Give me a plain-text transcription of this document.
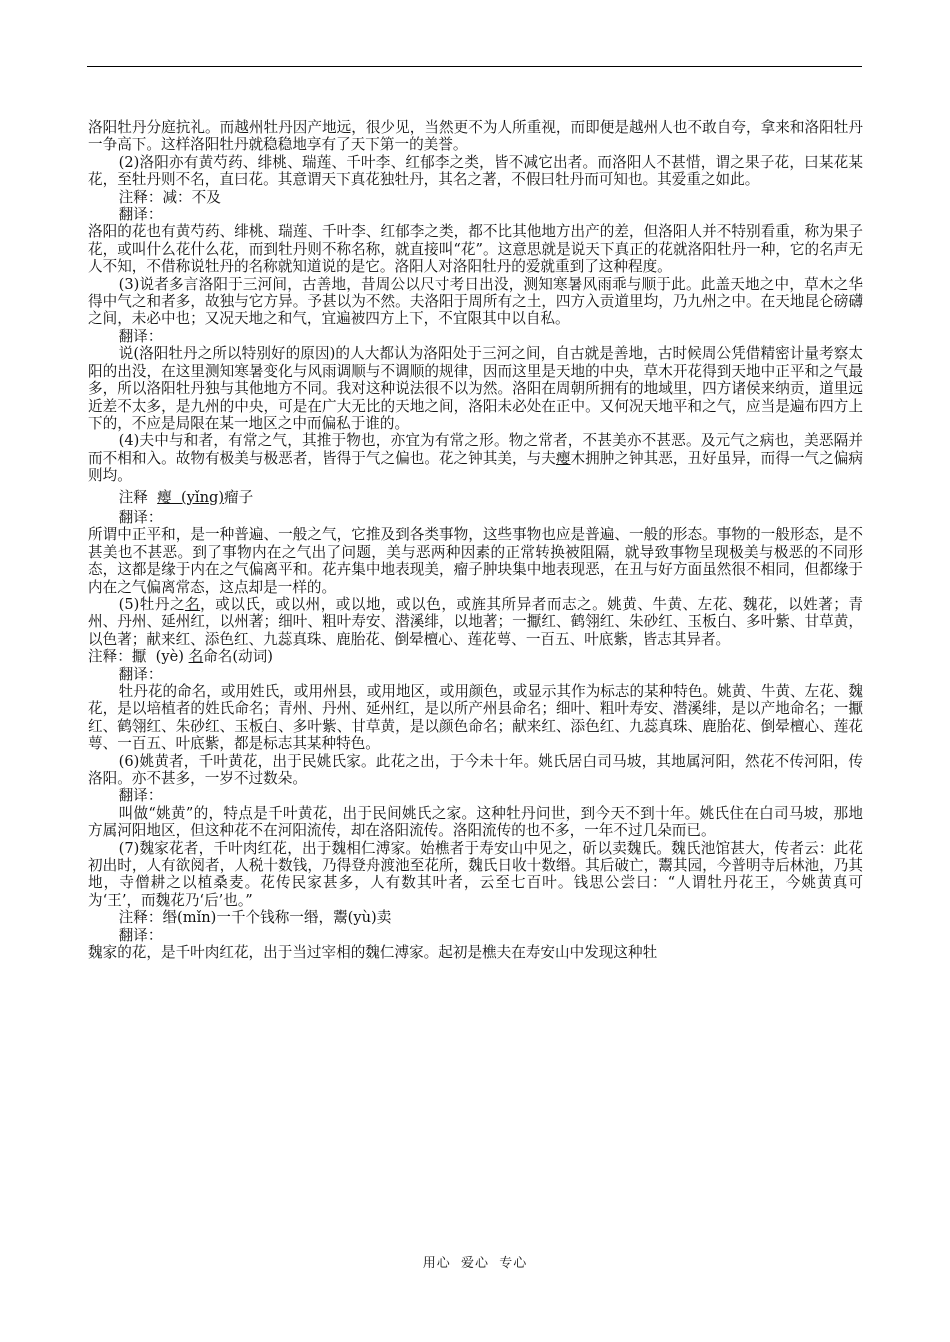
洛阳牡丹分庭抗礼。而越州牡丹因产地远，很少见，当然更不为人所重视，而即便是越州人也不敢自夸，拿来和洛阳牡丹一争高下。这样洛阳牡丹就稳稳地享有了天下第一的美誉。

(2)洛阳亦有黄芍药、绯桃、瑞莲、千叶李、红郁李之类，皆不减它出者。而洛阳人不甚惜，谓之果子花，曰某花某花，至牡丹则不名，直曰花。其意谓天下真花独牡丹，其名之著，不假曰牡丹而可知也。其爱重之如此。

注释：减：不及

翻译：

洛阳的花也有黄芍药、绯桃、瑞莲、千叶李、红郁李之类，都不比其他地方出产的差，但洛阳人并不特别看重，称为果子花，或叫什么花什么花，而到牡丹则不称名称，就直接叫“花”。这意思就是说天下真正的花就洛阳牡丹一种，它的名声无人不知，不借称说牡丹的名称就知道说的是它。洛阳人对洛阳牡丹的爱就重到了这种程度。

(3)说者多言洛阳于三河间，古善地，昔周公以尺寸考日出没，测知寒暑风雨乖与顺于此。此盖天地之中，草木之华得中气之和者多，故独与它方异。予甚以为不然。夫洛阳于周所有之土，四方入贡道里均，乃九州之中。在天地昆仑磅礴之间，未必中也；又况天地之和气，宜遍被四方上下，不宜限其中以自私。

翻译：

说(洛阳牡丹之所以特别好的原因)的人大都认为洛阳处于三河之间，自古就是善地，古时候周公凭借精密计量考察太阳的出没，在这里测知寒暑变化与风雨调顺与不调顺的规律，因而这里是天地的中央，草木开花得到天地中正平和之气最多，所以洛阳牡丹独与其他地方不同。我对这种说法很不以为然。洛阳在周朝所拥有的地域里，四方诸侯来纳贡，道里远近差不太多，是九州的中央，可是在广大无比的天地之间，洛阳未必处在正中。又何况天地平和之气，应当是遍布四方上下的，不应是局限在某一地区之中而偏私于谁的。

(4)夫中与和者，有常之气，其推于物也，亦宜为有常之形。物之常者，不甚美亦不甚恶。及元气之病也，美恶隔并而不相和入。故物有极美与极恶者，皆得于气之偏也。花之钟其美，与夫瘿木拥肿之钟其恶，丑好虽异，而得一气之偏病则均。

注释  瘿  (yǐng)瘤子

翻译：

所谓中正平和，是一种普遍、一般之气，它推及到各类事物，这些事物也应是普遍、一般的形态。事物的一般形态，是不甚美也不甚恶。到了事物内在之气出了问题，美与恶两种因素的正常转换被阻隔，就导致事物呈现极美与极恶的不同形态，这都是缘于内在之气偏离平和。花卉集中地表现美，瘤子肿块集中地表现恶，在丑与好方面虽然很不相同，但都缘于内在之气偏离常态，这点却是一样的。

(5)牡丹之名，或以氏，或以州，或以地，或以色，或旌其所异者而志之。姚黄、牛黄、左花、魏花，以姓著；青州、丹州、延州红，以州著；细叶、粗叶寿安、潜溪绯，以地著；一擫红、鹤翎红、朱砂红、玉板白、多叶紫、甘草黄，以色著；献来红、添色红、九蕊真珠、鹿胎花、倒晕檀心、莲花萼、一百五、叶底紫，皆志其异者。

注释：擫  (yè) 名命名(动词)

翻译：

牡丹花的命名，或用姓氏，或用州县，或用地区，或用颜色，或显示其作为标志的某种特色。姚黄、牛黄、左花、魏花，是以培植者的姓氏命名；青州、丹州、延州红，是以所产州县命名；细叶、粗叶寿安、潜溪绯，是以产地命名；一擫红、鹤翎红、朱砂红、玉板白、多叶紫、甘草黄，是以颜色命名；献来红、添色红、九蕊真珠、鹿胎花、倒晕檀心、莲花萼、一百五、叶底紫，都是标志其某种特色。

(6)姚黄者，千叶黄花，出于民姚氏家。此花之出，于今未十年。姚氏居白司马坡，其地属河阳，然花不传河阳，传洛阳。亦不甚多，一岁不过数朵。

翻译：

叫做“姚黄”的，特点是千叶黄花，出于民间姚氏之家。这种牡丹问世，到今天不到十年。姚氏住在白司马坡，那地方属河阳地区，但这种花不在河阳流传，却在洛阳流传。洛阳流传的也不多，一年不过几朵而已。

(7)魏家花者，千叶肉红花，出于魏相仁溥家。始樵者于寿安山中见之，斫以卖魏氏。魏氏池馆甚大，传者云：此花初出时，人有欲阅者，人税十数钱，乃得登舟渡池至花所，魏氏日收十数缗。其后破亡，鬻其园，今普明寺后林池，乃其地，寺僧耕之以植桑麦。花传民家甚多，人有数其叶者，云至七百叶。钱思公尝曰：“人谓牡丹花王，今姚黄真可为‘王’，而魏花乃‘后’也。”

注释：缗(mǐn)一千个钱称一缗，鬻(yù)卖

翻译：

魏家的花，是千叶肉红花，出于当过宰相的魏仁溥家。起初是樵夫在寿安山中发现这种牡

用心  爱心  专心
